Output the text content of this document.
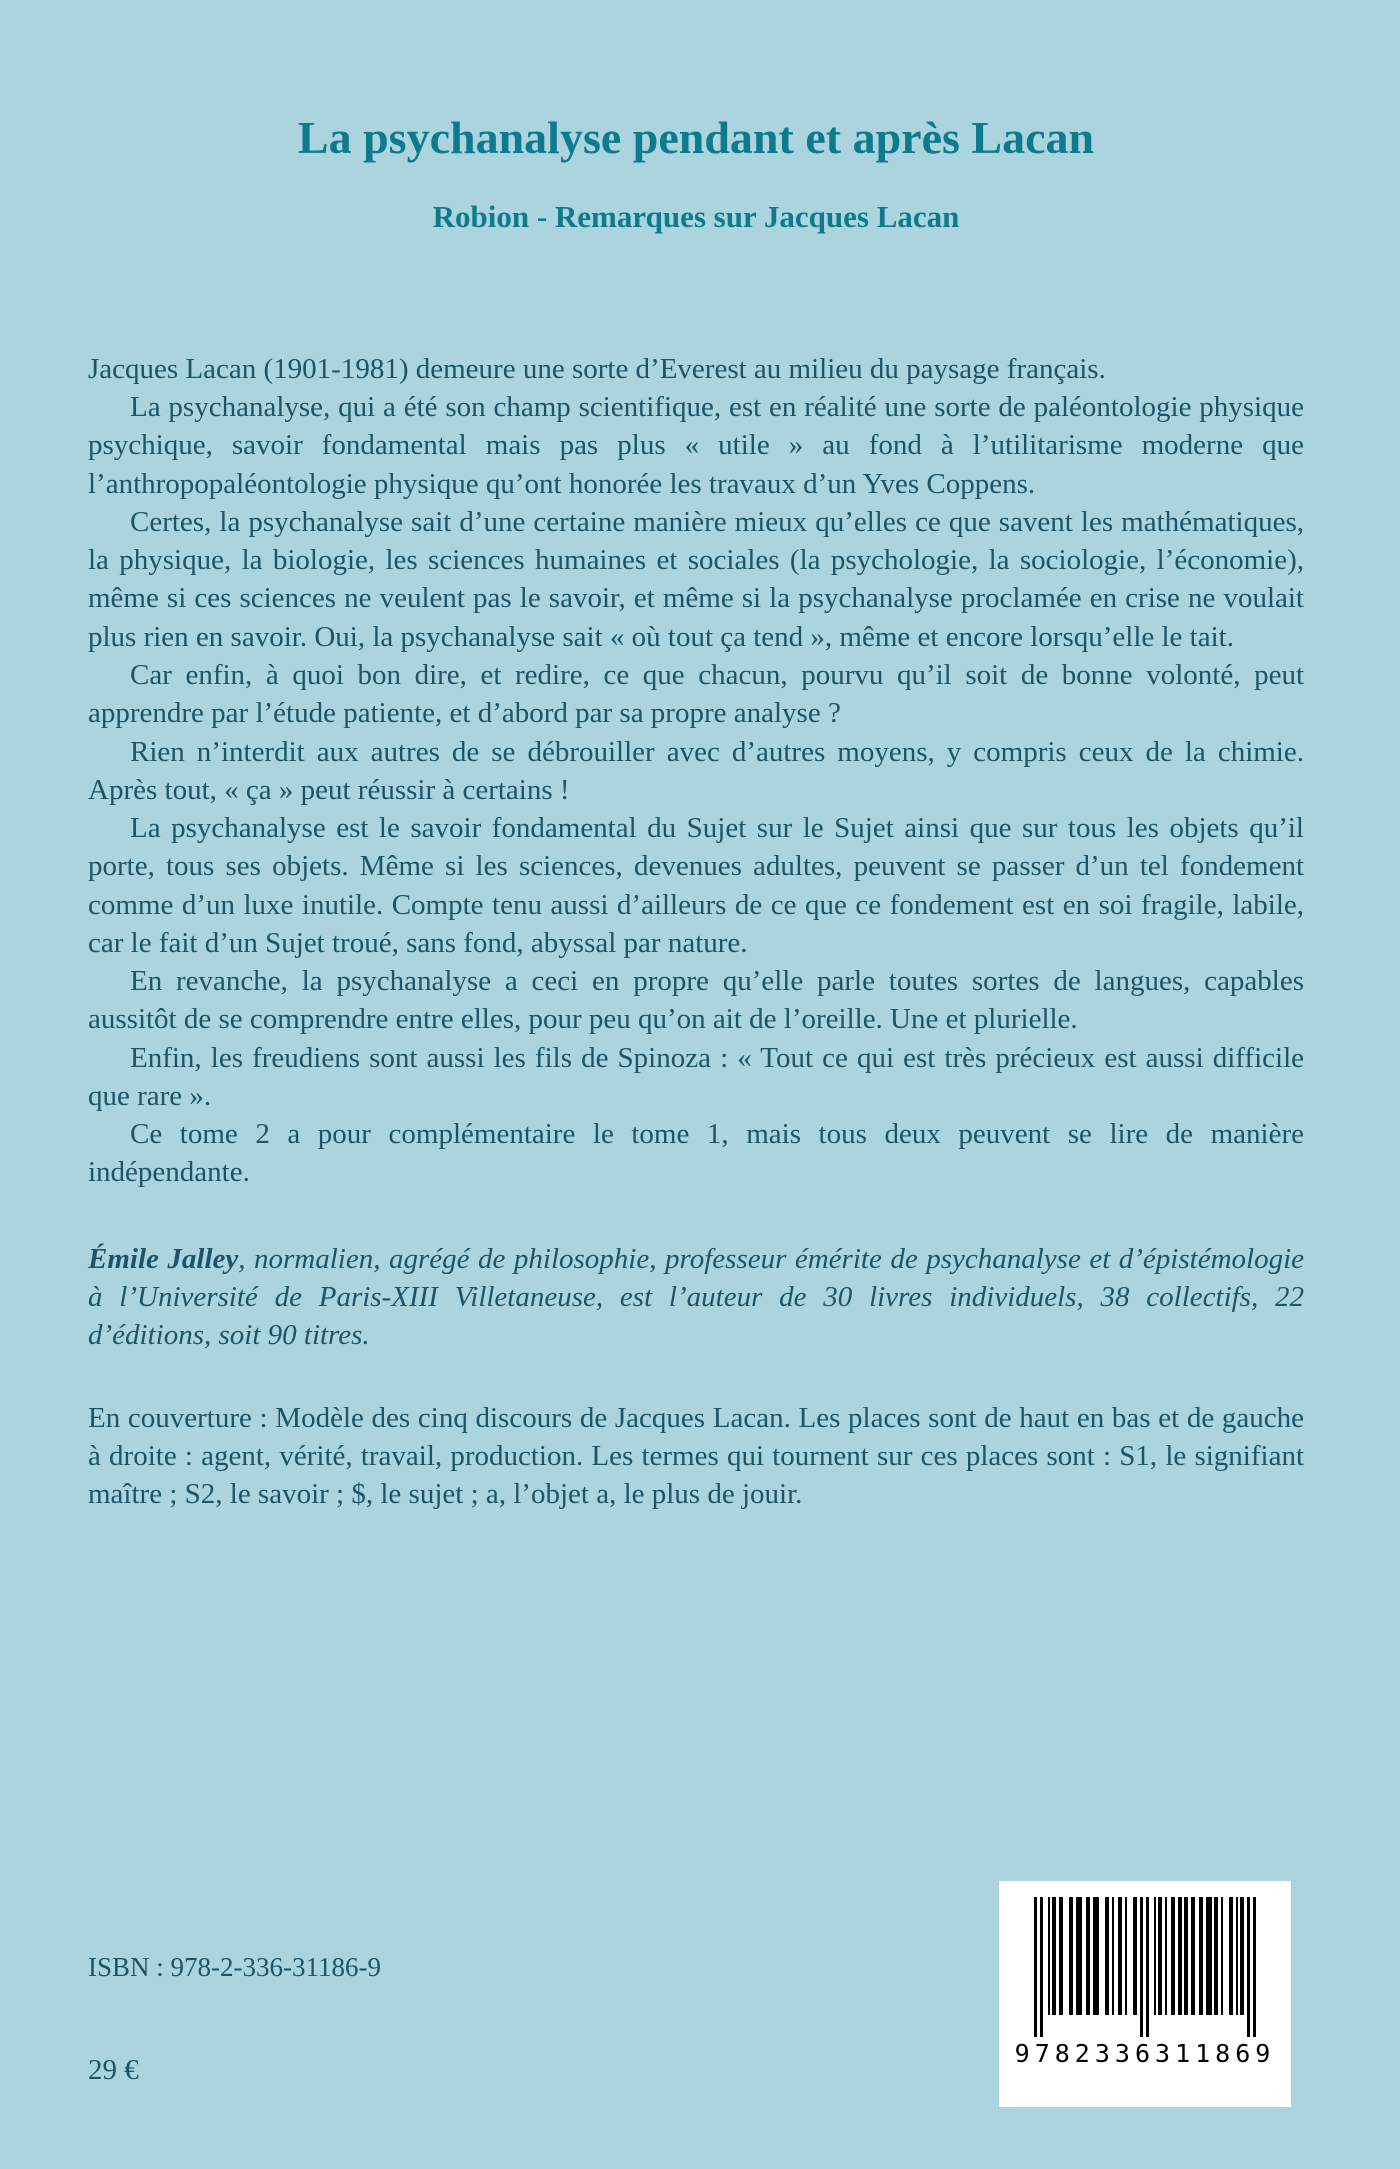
La psychanalyse pendant et après Lacan
Robion - Remarques sur Jacques Lacan

Jacques Lacan (1901-1981) demeure une sorte d’Everest au milieu du paysage français.

La psychanalyse, qui a été son champ scientifique, est en réalité une sorte de paléontologie physique psychique, savoir fondamental mais pas plus « utile » au fond à l’utilitarisme moderne que l’anthropopaléontologie physique qu’ont honorée les travaux d’un Yves Coppens.

Certes, la psychanalyse sait d’une certaine manière mieux qu’elles ce que savent les mathématiques, la physique, la biologie, les sciences humaines et sociales (la psychologie, la sociologie, l’économie), même si ces sciences ne veulent pas le savoir, et même si la psychanalyse proclamée en crise ne voulait plus rien en savoir. Oui, la psychanalyse sait « où tout ça tend », même et encore lorsqu’elle le tait.

Car enfin, à quoi bon dire, et redire, ce que chacun, pourvu qu’il soit de bonne volonté, peut apprendre par l’étude patiente, et d’abord par sa propre analyse ?

Rien n’interdit aux autres de se débrouiller avec d’autres moyens, y compris ceux de la chimie. Après tout, « ça » peut réussir à certains !

La psychanalyse est le savoir fondamental du Sujet sur le Sujet ainsi que sur tous les objets qu’il porte, tous ses objets. Même si les sciences, devenues adultes, peuvent se passer d’un tel fondement comme d’un luxe inutile. Compte tenu aussi d’ailleurs de ce que ce fondement est en soi fragile, labile, car le fait d’un Sujet troué, sans fond, abyssal par nature.

En revanche, la psychanalyse a ceci en propre qu’elle parle toutes sortes de langues, capables aussitôt de se comprendre entre elles, pour peu qu’on ait de l’oreille. Une et plurielle.

Enfin, les freudiens sont aussi les fils de Spinoza : « Tout ce qui est très précieux est aussi difficile que rare ».

Ce tome 2 a pour complémentaire le tome 1, mais tous deux peuvent se lire de manière indépendante.

Émile Jalley, normalien, agrégé de philosophie, professeur émérite de psychanalyse et d’épistémologie à l’Université de Paris-XIII Villetaneuse, est l’auteur de 30 livres individuels, 38 collectifs, 22 d’éditions, soit 90 titres.

En couverture : Modèle des cinq discours de Jacques Lacan. Les places sont de haut en bas et de gauche à droite : agent, vérité, travail, production. Les termes qui tournent sur ces places sont : S1, le signifiant maître ; S2, le savoir ; $, le sujet ; a, l’objet a, le plus de jouir.

ISBN : 978-2-336-31186-9
29 €
9782336311869
